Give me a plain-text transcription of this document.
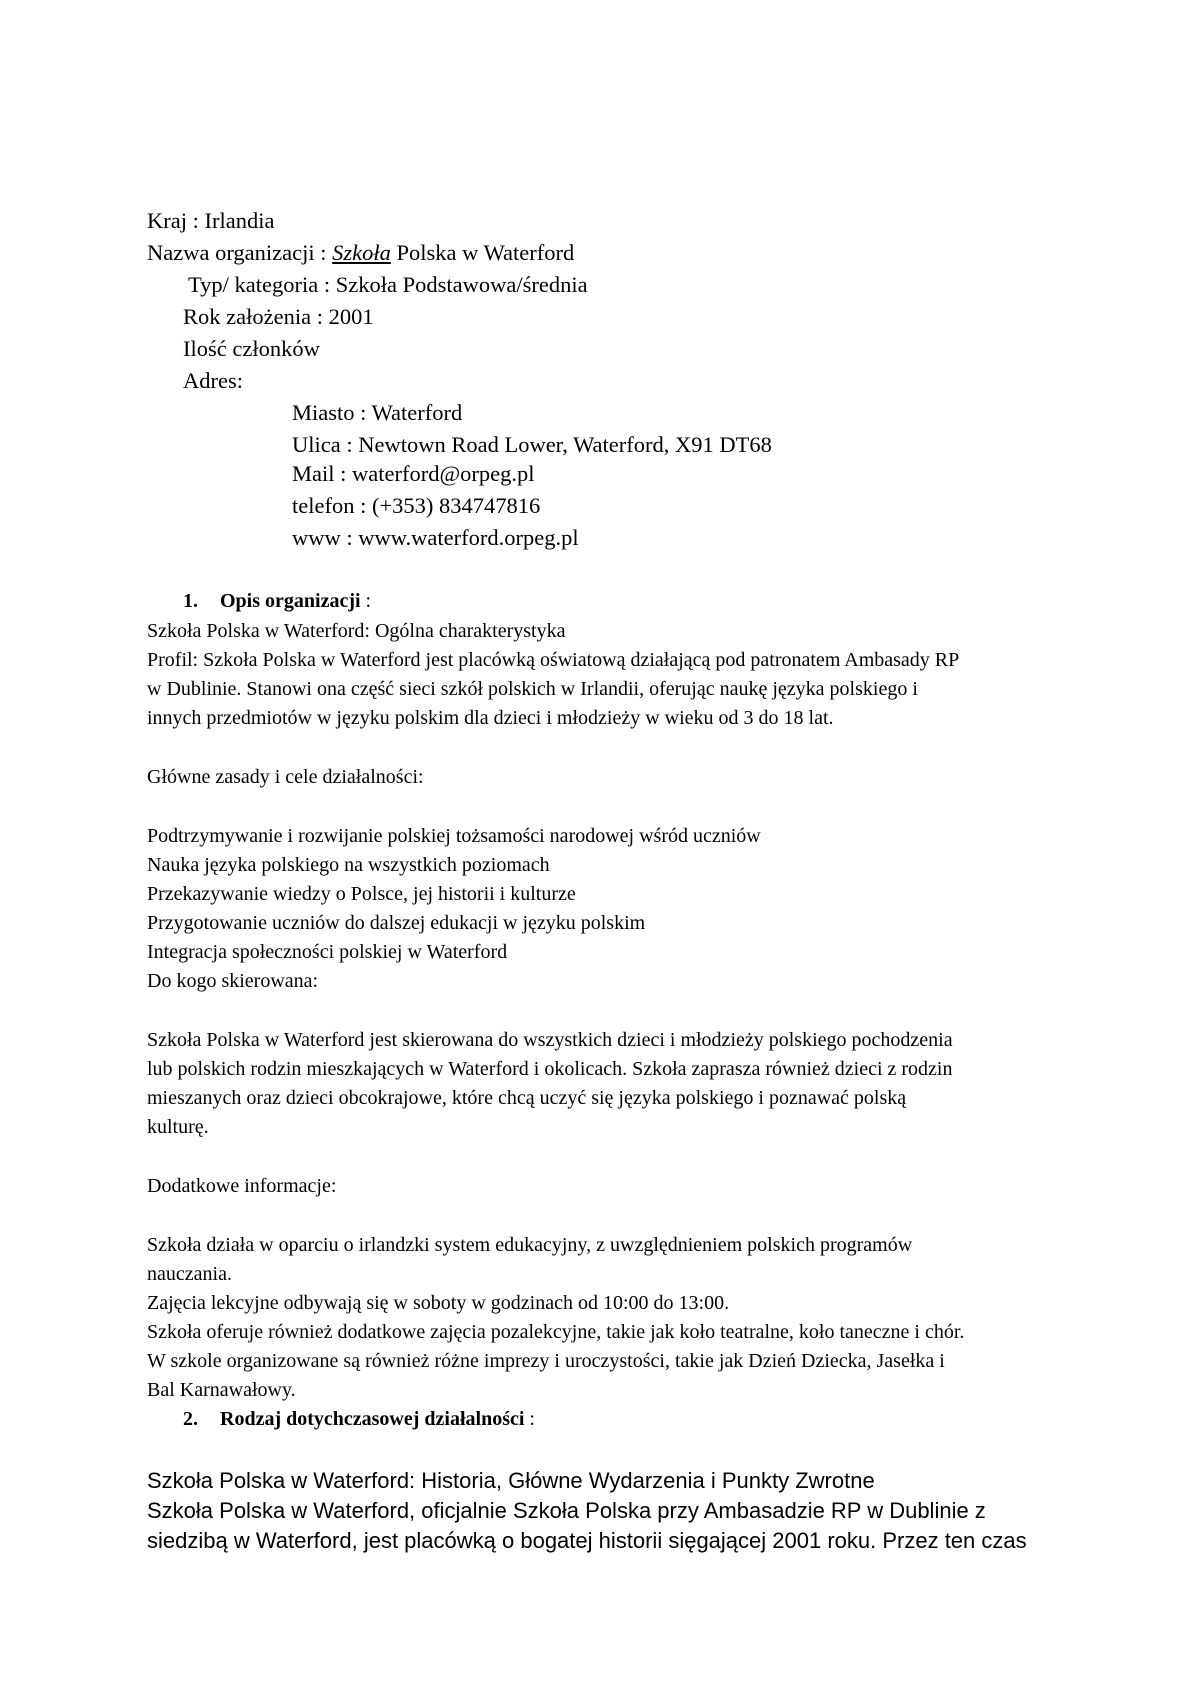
Kraj : Irlandia
Nazwa organizacji : Szkoła Polska w Waterford
Typ/ kategoria : Szkoła Podstawowa/średnia
Rok założenia : 2001
Ilość członków
Adres:
Miasto : Waterford
Ulica : Newtown Road Lower, Waterford, X91 DT68
Mail : waterford@orpeg.pl
telefon : (+353) 834747816
www : www.waterford.orpeg.pl
1. Opis organizacji :
Szkoła Polska w Waterford: Ogólna charakterystyka
Profil: Szkoła Polska w Waterford jest placówką oświatową działającą pod patronatem Ambasady RP
w Dublinie. Stanowi ona część sieci szkół polskich w Irlandii, oferując naukę języka polskiego i
innych przedmiotów w języku polskim dla dzieci i młodzieży w wieku od 3 do 18 lat.
Główne zasady i cele działalności:
Podtrzymywanie i rozwijanie polskiej tożsamości narodowej wśród uczniów
Nauka języka polskiego na wszystkich poziomach
Przekazywanie wiedzy o Polsce, jej historii i kulturze
Przygotowanie uczniów do dalszej edukacji w języku polskim
Integracja społeczności polskiej w Waterford
Do kogo skierowana:
Szkoła Polska w Waterford jest skierowana do wszystkich dzieci i młodzieży polskiego pochodzenia
lub polskich rodzin mieszkających w Waterford i okolicach. Szkoła zaprasza również dzieci z rodzin
mieszanych oraz dzieci obcokrajowe, które chcą uczyć się języka polskiego i poznawać polską
kulturę.
Dodatkowe informacje:
Szkoła działa w oparciu o irlandzki system edukacyjny, z uwzględnieniem polskich programów
nauczania.
Zajęcia lekcyjne odbywają się w soboty w godzinach od 10:00 do 13:00.
Szkoła oferuje również dodatkowe zajęcia pozalekcyjne, takie jak koło teatralne, koło taneczne i chór.
W szkole organizowane są również różne imprezy i uroczystości, takie jak Dzień Dziecka, Jasełka i
Bal Karnawałowy.
2. Rodzaj dotychczasowej działalności :
Szkoła Polska w Waterford: Historia, Główne Wydarzenia i Punkty Zwrotne
Szkoła Polska w Waterford, oficjalnie Szkoła Polska przy Ambasadzie RP w Dublinie z
siedzibą w Waterford, jest placówką o bogatej historii sięgającej 2001 roku. Przez ten czas
